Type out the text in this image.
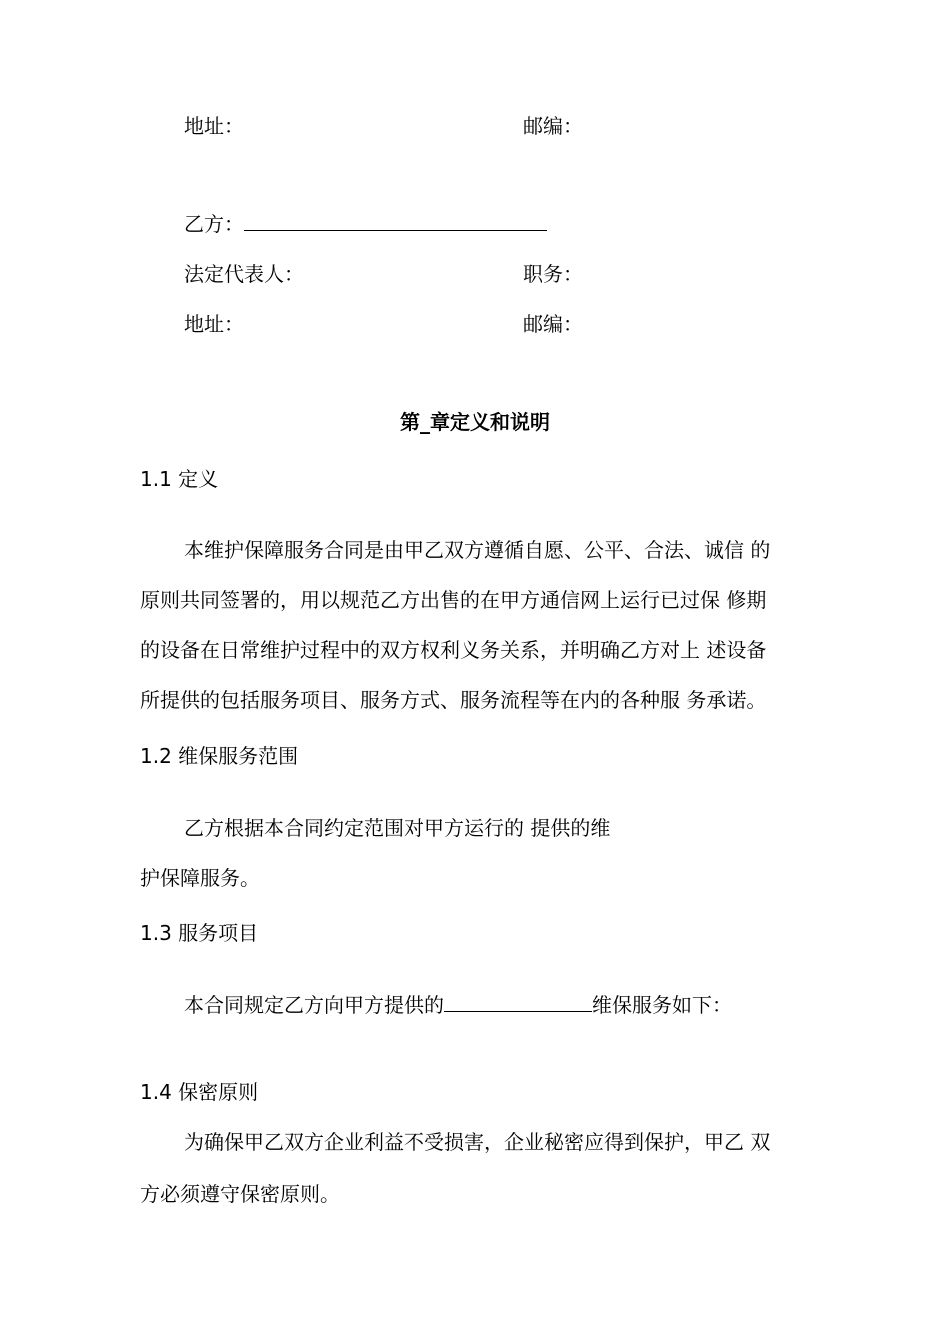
地址：	邮编：
乙方：
法定代表人：	职务：
地址：	邮编：
第_章定义和说明
1.1 定义
本维护保障服务合同是由甲乙双方遵循自愿、公平、合法、诚信 的
原则共同签署的，用以规范乙方出售的在甲方通信网上运行已过保 修期
的设备在日常维护过程中的双方权利义务关系，并明确乙方对上 述设备
所提供的包括服务项目、服务方式、服务流程等在内的各种服 务承诺。
1.2 维保服务范围
乙方根据本合同约定范围对甲方运行的 提供的维
护保障服务。
1.3 服务项目
本合同规定乙方向甲方提供的	维保服务如下：
1.4 保密原则
为确保甲乙双方企业利益不受损害，企业秘密应得到保护，甲乙 双
方必须遵守保密原则。
